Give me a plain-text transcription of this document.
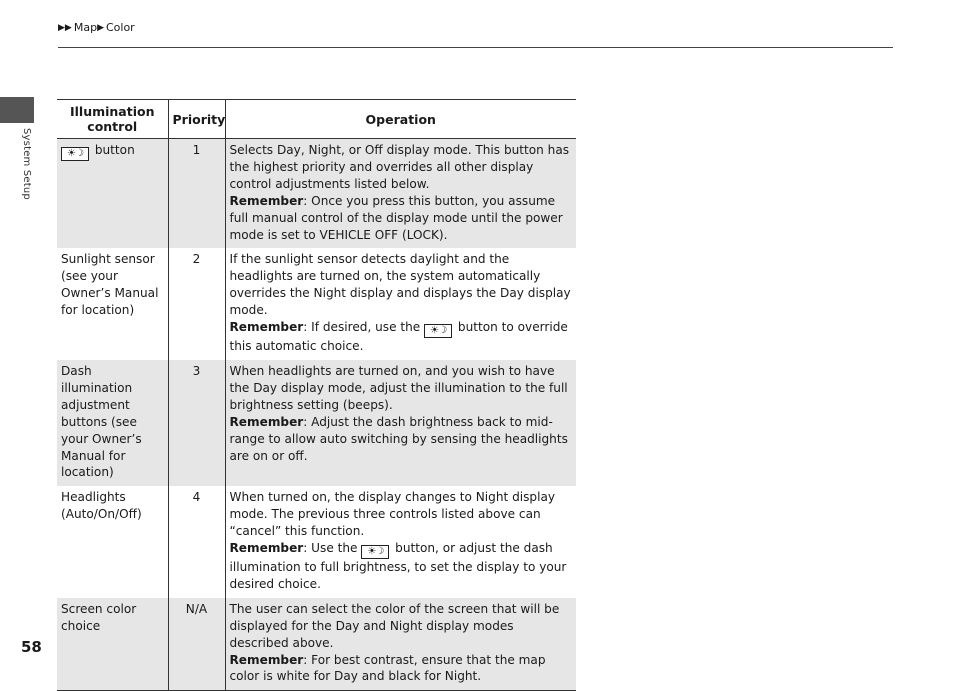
▶▶ Map ▶ Color
System Setup
Illumination control	Priority	Operation
☀☽ button	1	Selects Day, Night, or Off display mode. This button has the highest priority and overrides all other display control adjustments listed below.
Remember: Once you press this button, you assume full manual control of the display mode until the power mode is set to VEHICLE OFF (LOCK).
Sunlight sensor (see your Owner’s Manual for location)	2	If the sunlight sensor detects daylight and the headlights are turned on, the system automatically overrides the Night display and displays the Day display mode.
Remember: If desired, use the ☀☽ button to override this automatic choice.
Dash illumination adjustment buttons (see your Owner’s Manual for location)	3	When headlights are turned on, and you wish to have the Day display mode, adjust the illumination to the full brightness setting (beeps).
Remember: Adjust the dash brightness back to mid-range to allow auto switching by sensing the headlights are on or off.
Headlights (Auto/On/Off)	4	When turned on, the display changes to Night display mode. The previous three controls listed above can “cancel” this function.
Remember: Use the ☀☽ button, or adjust the dash illumination to full brightness, to set the display to your desired choice.
Screen color choice	N/A	The user can select the color of the screen that will be displayed for the Day and Night display modes described above.
Remember: For best contrast, ensure that the map color is white for Day and black for Night.
58
